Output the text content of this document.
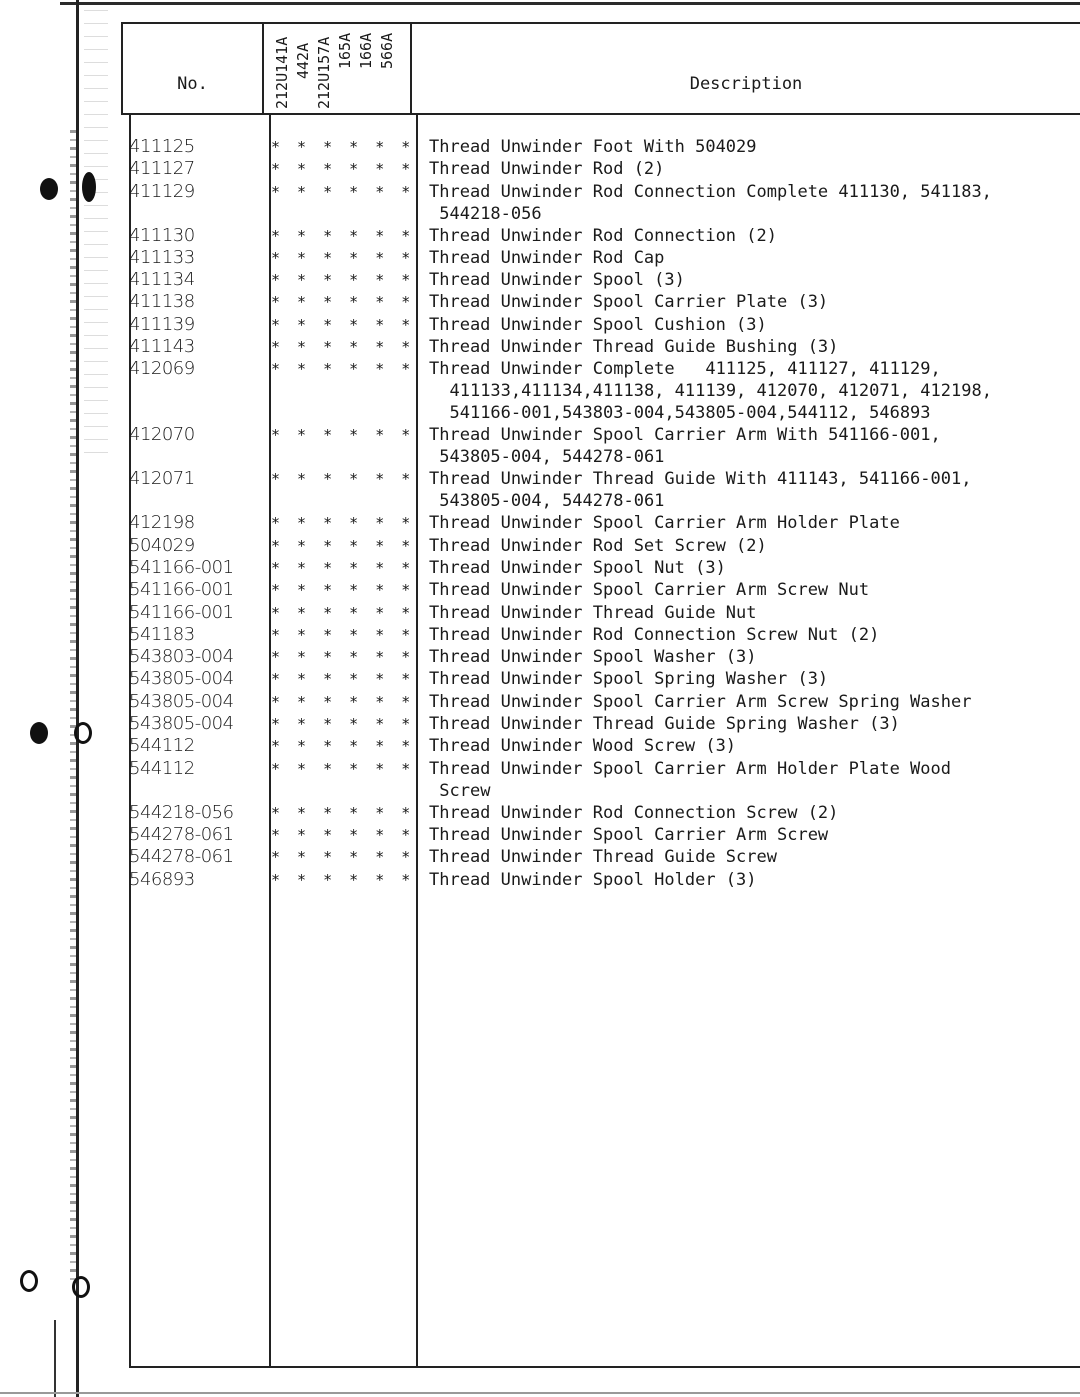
No.	212U141A 442A 212U157A 165A 166A 566A
Description
411125	* * * * * * Thread Unwinder Foot With 504029
411127	* * * * * * Thread Unwinder Rod (2)
411129	* * * * * * Thread Unwinder Rod Connection Complete 411130, 541183,
544218-056
411130	* * * * * * Thread Unwinder Rod Connection (2)
411133	* * * * * * Thread Unwinder Rod Cap
411134	* * * * * * Thread Unwinder Spool (3)
411138	* * * * * * Thread Unwinder Spool Carrier Plate (3)
411139	* * * * * * Thread Unwinder Spool Cushion (3)
411143	* * * * * * Thread Unwinder Thread Guide Bushing (3)
412069	* * * * * * Thread Unwinder Complete   411125, 411127, 411129,
411133,411134,411138, 411139, 412070, 412071, 412198,
541166-001,543803-004,543805-004,544112, 546893
412070	* * * * * * Thread Unwinder Spool Carrier Arm With 541166-001,
543805-004, 544278-061
412071	* * * * * * Thread Unwinder Thread Guide With 411143, 541166-001,
543805-004, 544278-061
412198	* * * * * * Thread Unwinder Spool Carrier Arm Holder Plate
504029	* * * * * * Thread Unwinder Rod Set Screw (2)
541166-001 * * * * * * Thread Unwinder Spool Nut (3)
541166-001 * * * * * * Thread Unwinder Spool Carrier Arm Screw Nut
541166-001 * * * * * * Thread Unwinder Thread Guide Nut
541183	* * * * * * Thread Unwinder Rod Connection Screw Nut (2)
543803-004 * * * * * * Thread Unwinder Spool Washer (3)
543805-004 * * * * * * Thread Unwinder Spool Spring Washer (3)
543805-004 * * * * * * Thread Unwinder Spool Carrier Arm Screw Spring Washer
543805-004 * * * * * * Thread Unwinder Thread Guide Spring Washer (3)
544112	* * * * * * Thread Unwinder Wood Screw (3)
544112	* * * * * * Thread Unwinder Spool Carrier Arm Holder Plate Wood
Screw
544218-056 * * * * * * Thread Unwinder Rod Connection Screw (2)
544278-061 * * * * * * Thread Unwinder Spool Carrier Arm Screw
544278-061 * * * * * * Thread Unwinder Thread Guide Screw
546893	* * * * * * Thread Unwinder Spool Holder (3)
